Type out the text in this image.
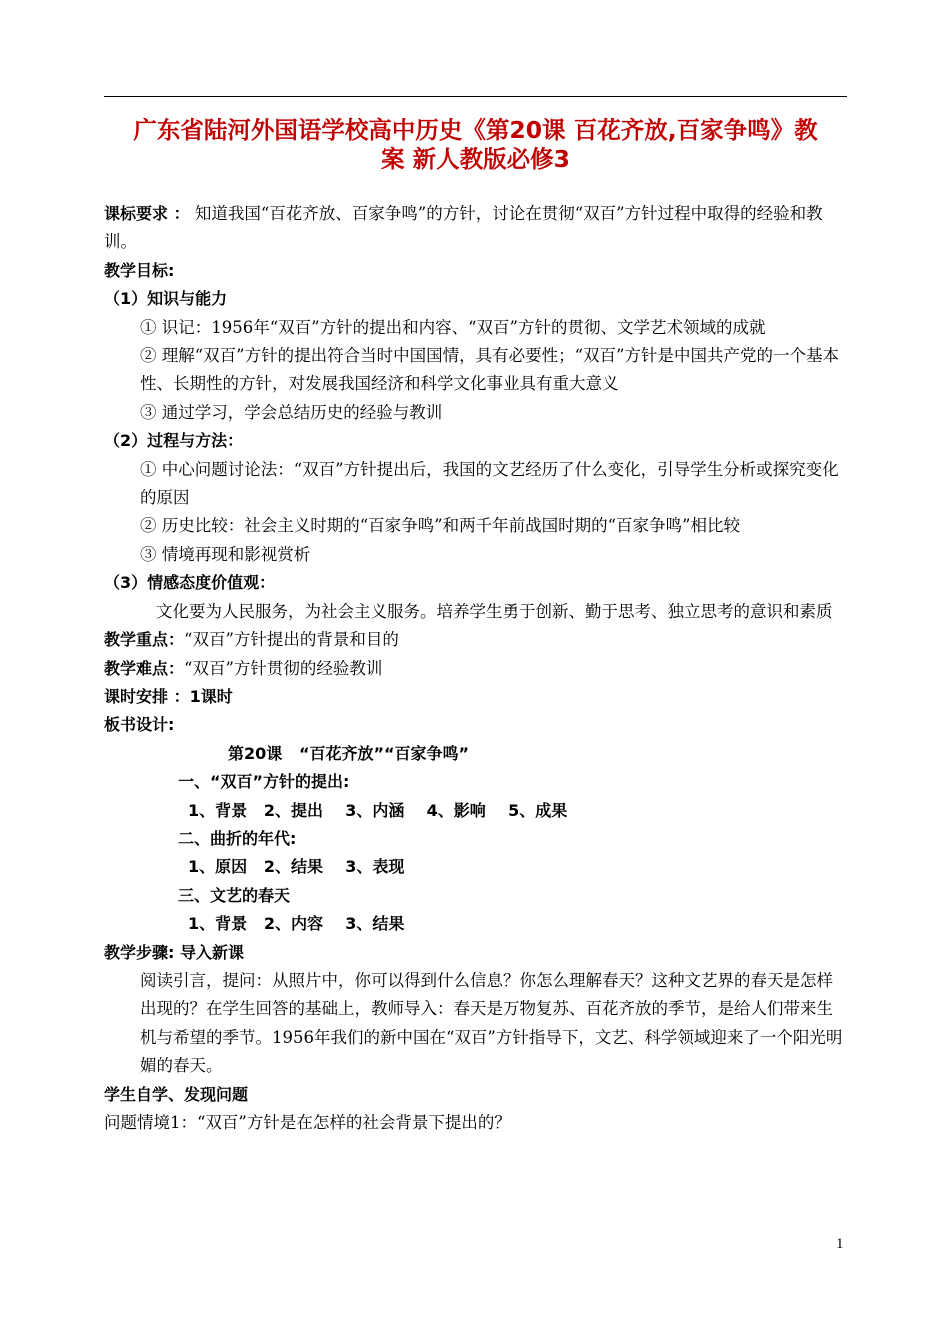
广东省陆河外国语学校高中历史《第20课 百花齐放,百家争鸣》教
案 新人教版必修3

课标要求 ： 知道我国“百花齐放、百家争鸣”的方针，讨论在贯彻“双百”方针过程中取得的经验和教训。

教学目标:

（1）知识与能力

① 识记：1956年“双百”方针的提出和内容、“双百”方针的贯彻、文学艺术领域的成就

② 理解“双百”方针的提出符合当时中国国情，具有必要性；“双百”方针是中国共产党的一个基本性、长期性的方针，对发展我国经济和科学文化事业具有重大意义

③ 通过学习，学会总结历史的经验与教训

（2）过程与方法：

① 中心问题讨论法：“双百”方针提出后，我国的文艺经历了什么变化，引导学生分析或探究变化的原因

② 历史比较：社会主义时期的“百家争鸣”和两千年前战国时期的“百家争鸣”相比较

③ 情境再现和影视赏析

（3）情感态度价值观：

文化要为人民服务，为社会主义服务。培养学生勇于创新、勤于思考、独立思考的意识和素质

教学重点：“双百”方针提出的背景和目的

教学难点：“双百”方针贯彻的经验教训

课时安排 ：1课时

板书设计:

第20课   “百花齐放”“百家争鸣”

一、“双百”方针的提出:

1、背景   2、提出    3、内涵    4、影响    5、成果

二、曲折的年代:

1、原因   2、结果    3、表现

三、文艺的春天

1、背景   2、内容    3、结果

教学步骤: 导入新课

阅读引言，提问：从照片中，你可以得到什么信息？你怎么理解春天？这种文艺界的春天是怎样出现的？在学生回答的基础上，教师导入：春天是万物复苏、百花齐放的季节，是给人们带来生机与希望的季节。1956年我们的新中国在“双百”方针指导下，文艺、科学领域迎来了一个阳光明媚的春天。

学生自学、发现问题

问题情境1：“双百”方针是在怎样的社会背景下提出的？

1
